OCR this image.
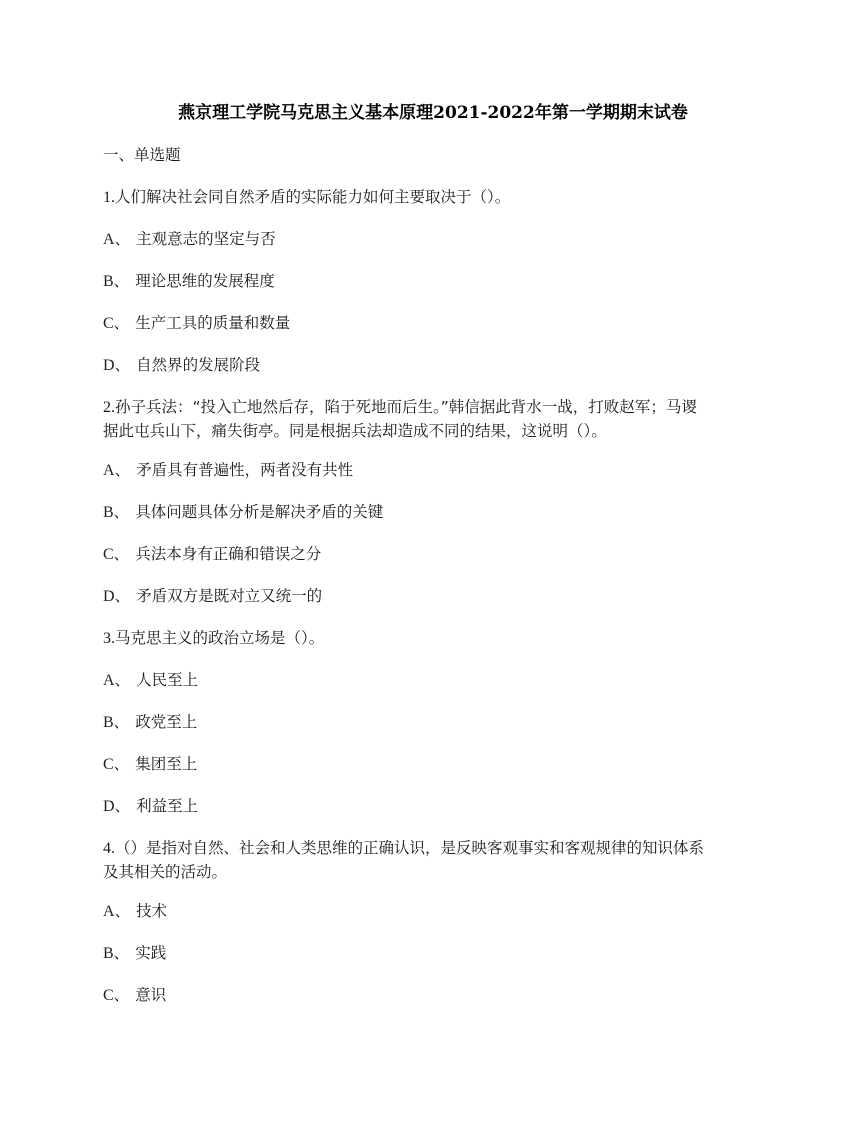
燕京理工学院马克思主义基本原理2021-2022年第一学期期末试卷
一、单选题
1.人们解决社会同自然矛盾的实际能力如何主要取决于（）。
A、 主观意志的坚定与否
B、 理论思维的发展程度
C、 生产工具的质量和数量
D、 自然界的发展阶段
2.孙子兵法：“投入亡地然后存，陷于死地而后生。”韩信据此背水一战，打败赵军；马谡
据此屯兵山下，痛失街亭。同是根据兵法却造成不同的结果，这说明（）。
A、 矛盾具有普遍性，两者没有共性
B、 具体问题具体分析是解决矛盾的关键
C、 兵法本身有正确和错误之分
D、 矛盾双方是既对立又统一的
3.马克思主义的政治立场是（）。
A、 人民至上
B、 政党至上
C、 集团至上
D、 利益至上
4.（）是指对自然、社会和人类思维的正确认识，是反映客观事实和客观规律的知识体系
及其相关的活动。
A、 技术
B、 实践
C、 意识
